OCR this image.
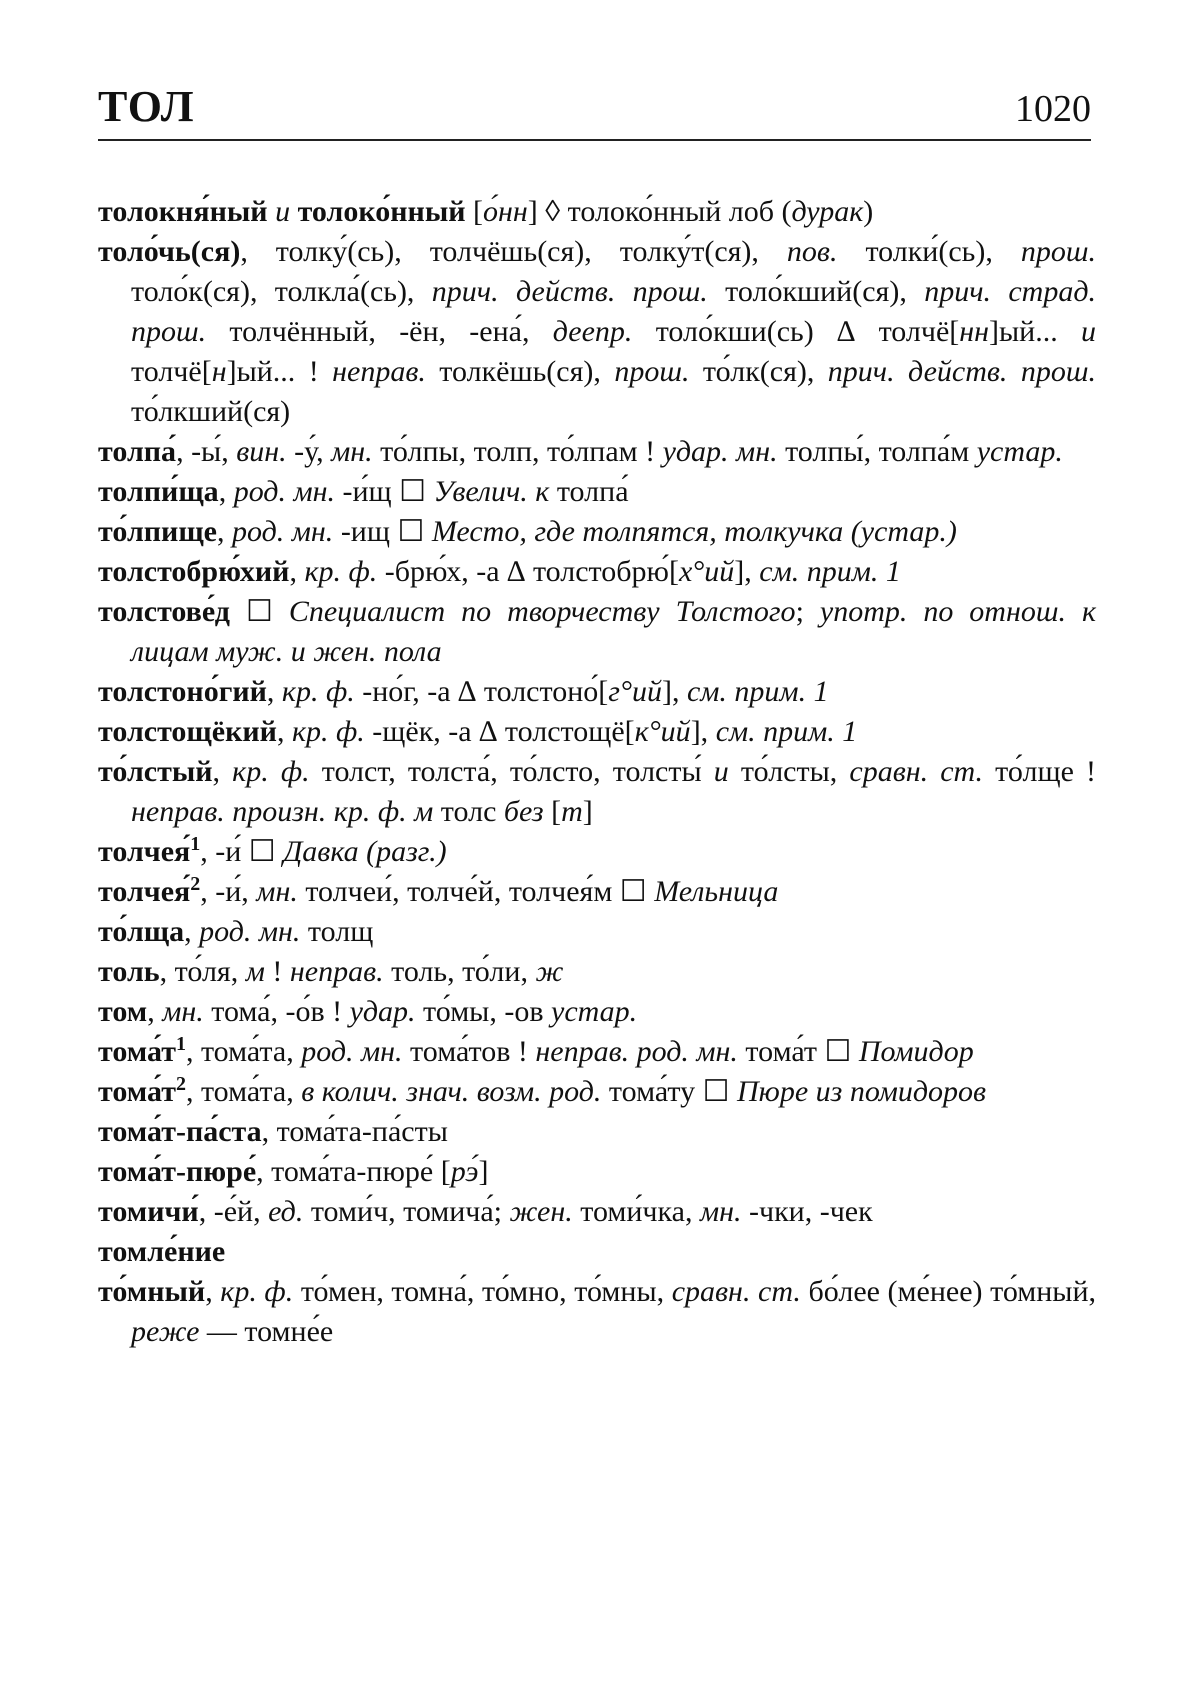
ТОЛ	1020

толокня́ный и толоко́нный [о́нн] ◊ толоко́нный лоб (дурак)

толо́чь(ся), толку́(сь), толчёшь(ся), толку́т(ся), пов. толки́(сь), прош. толо́к(ся), толкла́(сь), прич. действ. прош. толо́кший(ся), прич. страд. прош. толчённый, -ён, -ена́, деепр. толо́кши(сь) ∆ толчё[нн]ый... и толчё[н]ый... ! неправ. толкёшь(ся), прош. то́лк(ся), прич. действ. прош. то́лкший(ся)

толпа́, -ы́, вин. -у́, мн. то́лпы, толп, то́лпам ! удар. мн. толпы́, толпа́м устар.

толпи́ща, род. мн. -и́щ ☐ Увелич. к толпа́

то́лпище, род. мн. -ищ ☐ Место, где толпятся, толкучка (устар.)

толстобрю́хий, кр. ф. -брю́х, -а ∆ толстобрю́[х°ий], см. прим. 1

толстове́д ☐ Специалист по творчеству Толстого; употр. по отнош. к лицам муж. и жен. пола

толстоно́гий, кр. ф. -но́г, -а ∆ толстоно́[г°ий], см. прим. 1

толстощёкий, кр. ф. -щёк, -а ∆ толстощё[к°ий], см. прим. 1

то́лстый, кр. ф. толст, толста́, то́лсто, толсты́ и то́лсты, сравн. ст. то́лще ! неправ. произн. кр. ф. м толс без [т]

толчея́$^1$, -и́ ☐ Давка (разг.)

толчея́$^2$, -и́, мн. толчеи́, толче́й, толчея́м ☐ Мельница

то́лща, род. мн. толщ

толь, то́ля, м ! неправ. толь, то́ли, ж

том, мн. тома́, -о́в ! удар. то́мы, -ов устар.

$тома́т^1$, тома́та, род. мн. тома́тов ! неправ. род. мн. тома́т ☐ Помидор

$тома́т^2$, тома́та, в колич. знач. возм. род. тома́ту ☐ Пюре из помидоров

тома́т-па́ста, тома́та-па́сты

тома́т-пюре́, тома́та-пюре́ [рэ́]

томичи́, -е́й, ед. томи́ч, томича́; жен. томи́чка, мн. -чки, -чек

томле́ние

то́мный, кр. ф. то́мен, томна́, то́мно, то́мны, сравн. ст. бо́лее (ме́нее) то́мный, реже — томне́е
